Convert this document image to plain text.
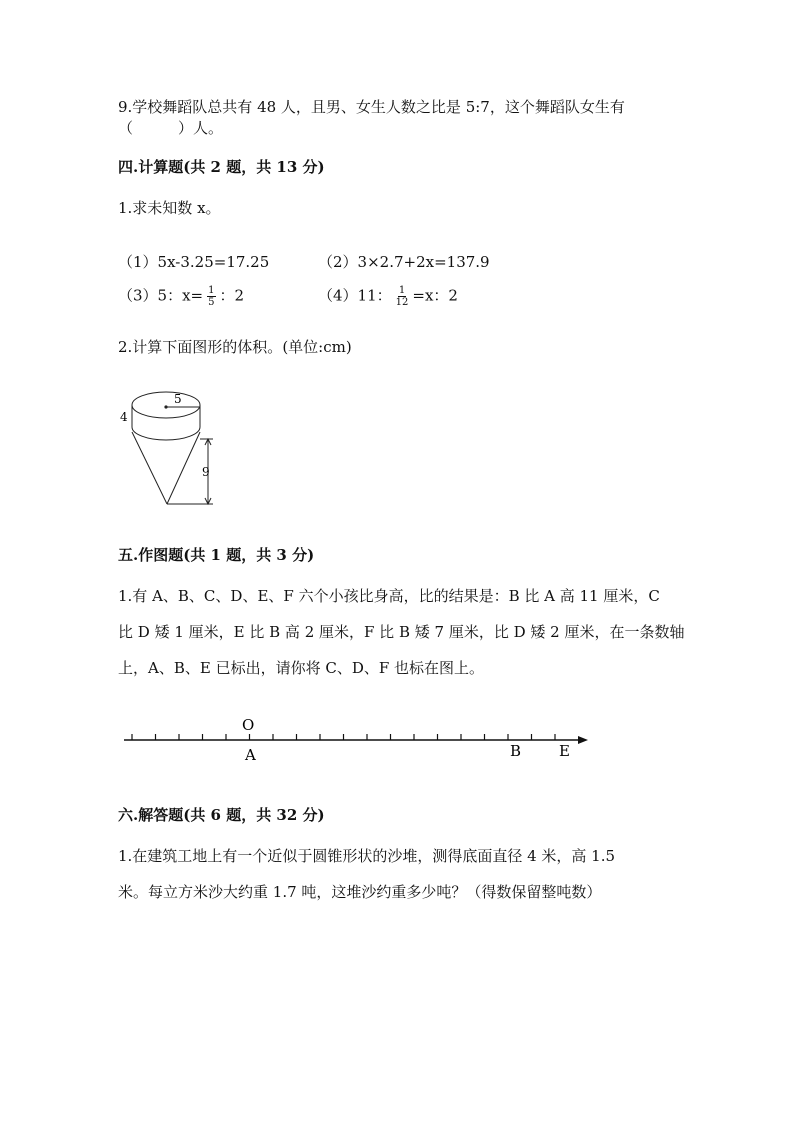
9.学校舞蹈队总共有 48 人，且男、女生人数之比是 5:7，这个舞蹈队女生有
（　　　）人。
四.计算题(共 2 题，共 13 分)
1.求未知数 x。
（1）5x-3.25=17.25	（2）3×2.7+2x=137.9
（3）5：$x= \frac{1}{5}$ ：2	（4）11： $\frac{1}{12} =x$：2
2.计算下面图形的体积。(单位:cm)
5
4
9
五.作图题(共 1 题，共 3 分)
1.有 A、B、C、D、E、F 六个小孩比身高，比的结果是：B 比 A 高 11 厘米，C
比 D 矮 1 厘米，E 比 B 高 2 厘米，F 比 B 矮 7 厘米，比 D 矮 2 厘米，在一条数轴
上，A、B、E 已标出，请你将 C、D、F 也标在图上。
O
A	B	E
六.解答题(共 6 题，共 32 分)
1.在建筑工地上有一个近似于圆锥形状的沙堆，测得底面直径 4 米，高 1.5
米。每立方米沙大约重 1.7 吨，这堆沙约重多少吨？（得数保留整吨数）
